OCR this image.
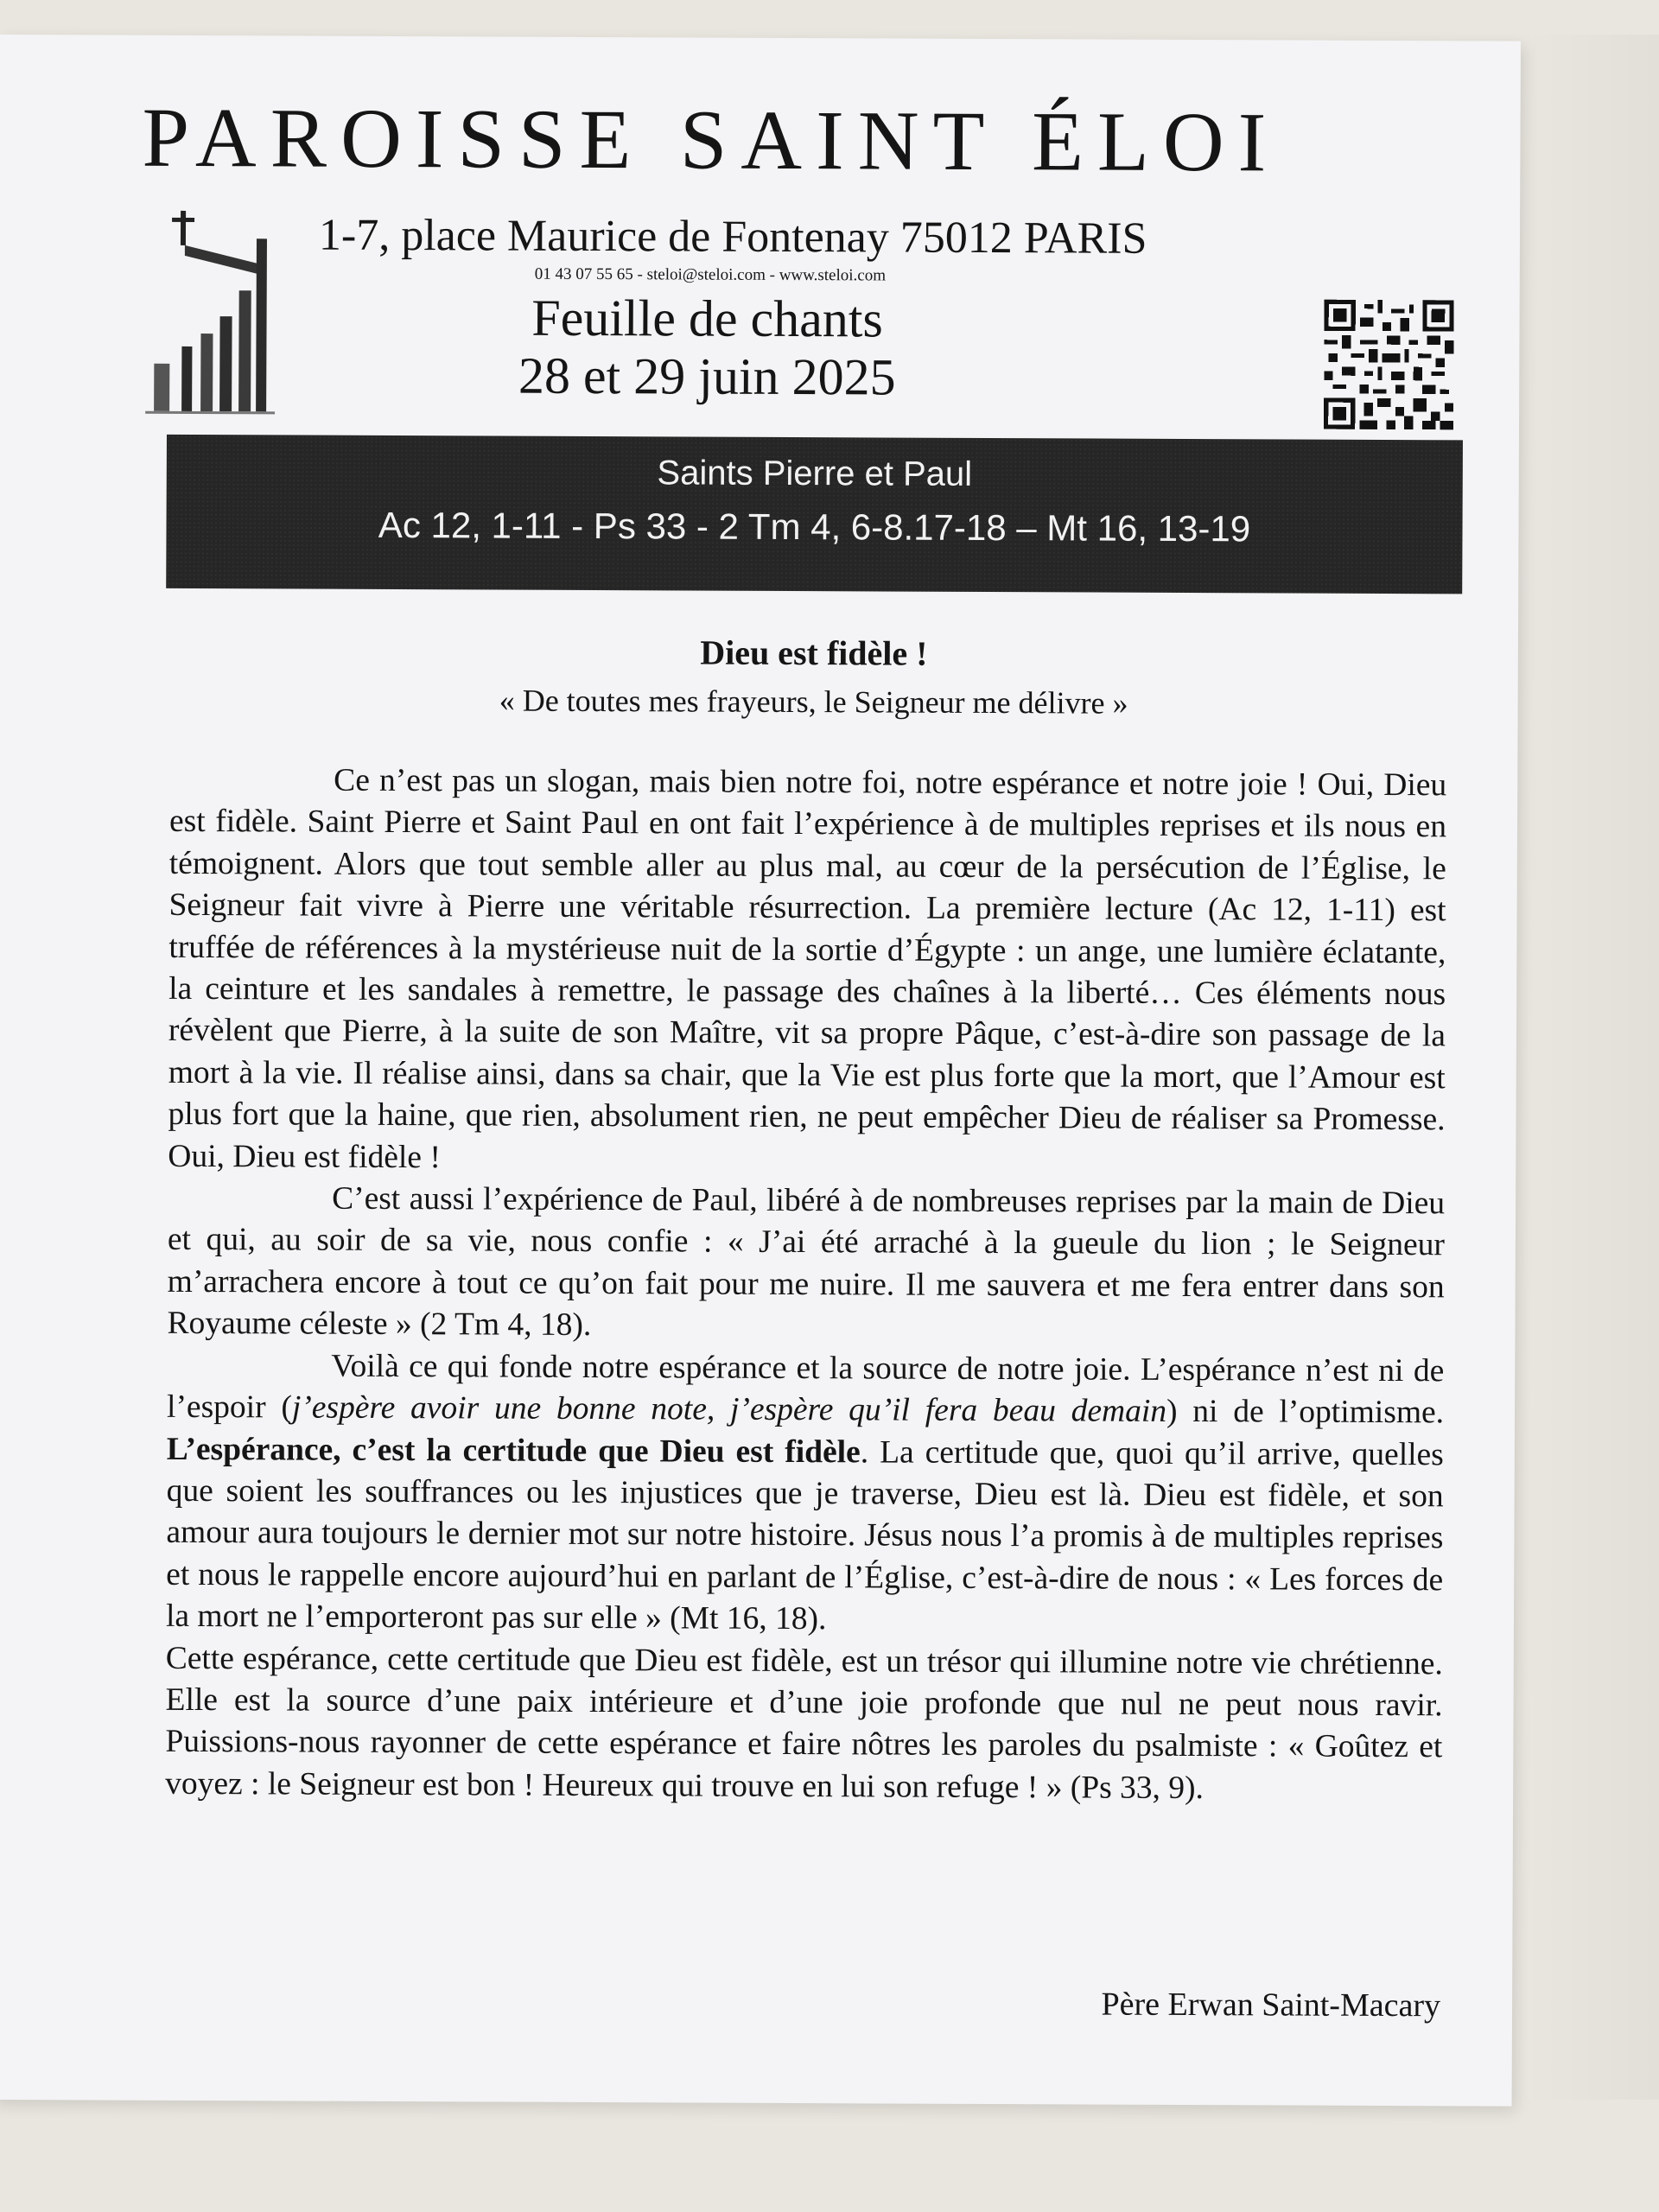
PAROISSE SAINT ÉLOI
1-7, place Maurice de Fontenay 75012 PARIS
01 43 07 55 65 - steloi@steloi.com - www.steloi.com
Feuille de chants
28 et 29 juin 2025
Saints Pierre et Paul
Ac 12, 1-11 - Ps 33 - 2 Tm 4, 6-8.17-18 – Mt 16, 13-19
Dieu est fidèle !
« De toutes mes frayeurs, le Seigneur me délivre »

Ce n’est pas un slogan, mais bien notre foi, notre espérance et notre joie ! Oui, Dieu est fidèle. Saint Pierre et Saint Paul en ont fait l’expérience à de multiples reprises et ils nous en témoignent. Alors que tout semble aller au plus mal, au cœur de la persécution de l’Église, le Seigneur fait vivre à Pierre une véritable résurrection. La première lecture (Ac 12, 1-11) est truffée de références à la mystérieuse nuit de la sortie d’Égypte : un ange, une lumière éclatante, la ceinture et les sandales à remettre, le passage des chaînes à la liberté… Ces éléments nous révèlent que Pierre, à la suite de son Maître, vit sa propre Pâque, c’est-à-dire son passage de la mort à la vie. Il réalise ainsi, dans sa chair, que la Vie est plus forte que la mort, que l’Amour est plus fort que la haine, que rien, absolument rien, ne peut empêcher Dieu de réaliser sa Promesse. Oui, Dieu est fidèle !

C’est aussi l’expérience de Paul, libéré à de nombreuses reprises par la main de Dieu et qui, au soir de sa vie, nous confie : « J’ai été arraché à la gueule du lion ; le Seigneur m’arrachera encore à tout ce qu’on fait pour me nuire. Il me sauvera et me fera entrer dans son Royaume céleste » (2 Tm 4, 18).

Voilà ce qui fonde notre espérance et la source de notre joie. L’espérance n’est ni de l’espoir (j’espère avoir une bonne note, j’espère qu’il fera beau demain) ni de l’optimisme. L’espérance, c’est la certitude que Dieu est fidèle. La certitude que, quoi qu’il arrive, quelles que soient les souffrances ou les injustices que je traverse, Dieu est là. Dieu est fidèle, et son amour aura toujours le dernier mot sur notre histoire. Jésus nous l’a promis à de multiples reprises et nous le rappelle encore aujourd’hui en parlant de l’Église, c’est-à-dire de nous : « Les forces de la mort ne l’emporteront pas sur elle » (Mt 16, 18).

Cette espérance, cette certitude que Dieu est fidèle, est un trésor qui illumine notre vie chrétienne. Elle est la source d’une paix intérieure et d’une joie profonde que nul ne peut nous ravir. Puissions-nous rayonner de cette espérance et faire nôtres les paroles du psalmiste : « Goûtez et voyez : le Seigneur est bon ! Heureux qui trouve en lui son refuge ! » (Ps 33, 9).

Père Erwan Saint-Macary
